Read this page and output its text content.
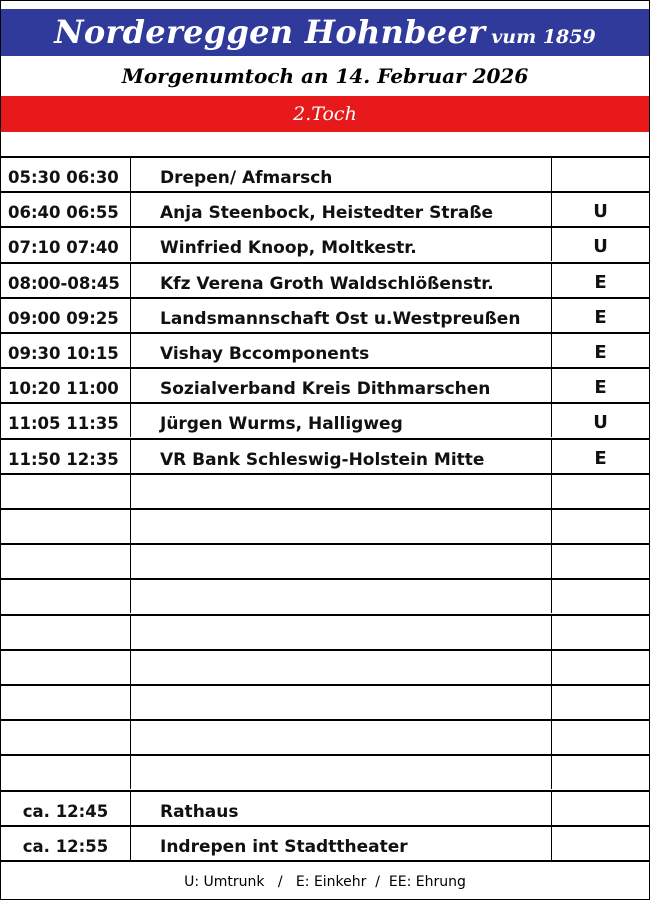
Nordereggen Hohnbeer vum 1859
Morgenumtoch an 14. Februar 2026
2.Toch
05:30 06:30	Drepen/ Afmarsch
06:40 06:55	Anja Steenbock, Heistedter Straße	U
07:10 07:40	Winfried Knoop, Moltkestr.	U
08:00-08:45	Kfz Verena Groth Waldschlößenstr.	E
09:00 09:25	Landsmannschaft Ost u.Westpreußen	E
09:30 10:15	Vishay Bccomponents	E
10:20 11:00	Sozialverband Kreis Dithmarschen	E
11:05 11:35	Jürgen Wurms, Halligweg	U
11:50 12:35	VR Bank Schleswig-Holstein Mitte	E
ca. 12:45	Rathaus
ca. 12:55	Indrepen int Stadttheater
U: Umtrunk   /   E: Einkehr  /  EE: Ehrung
